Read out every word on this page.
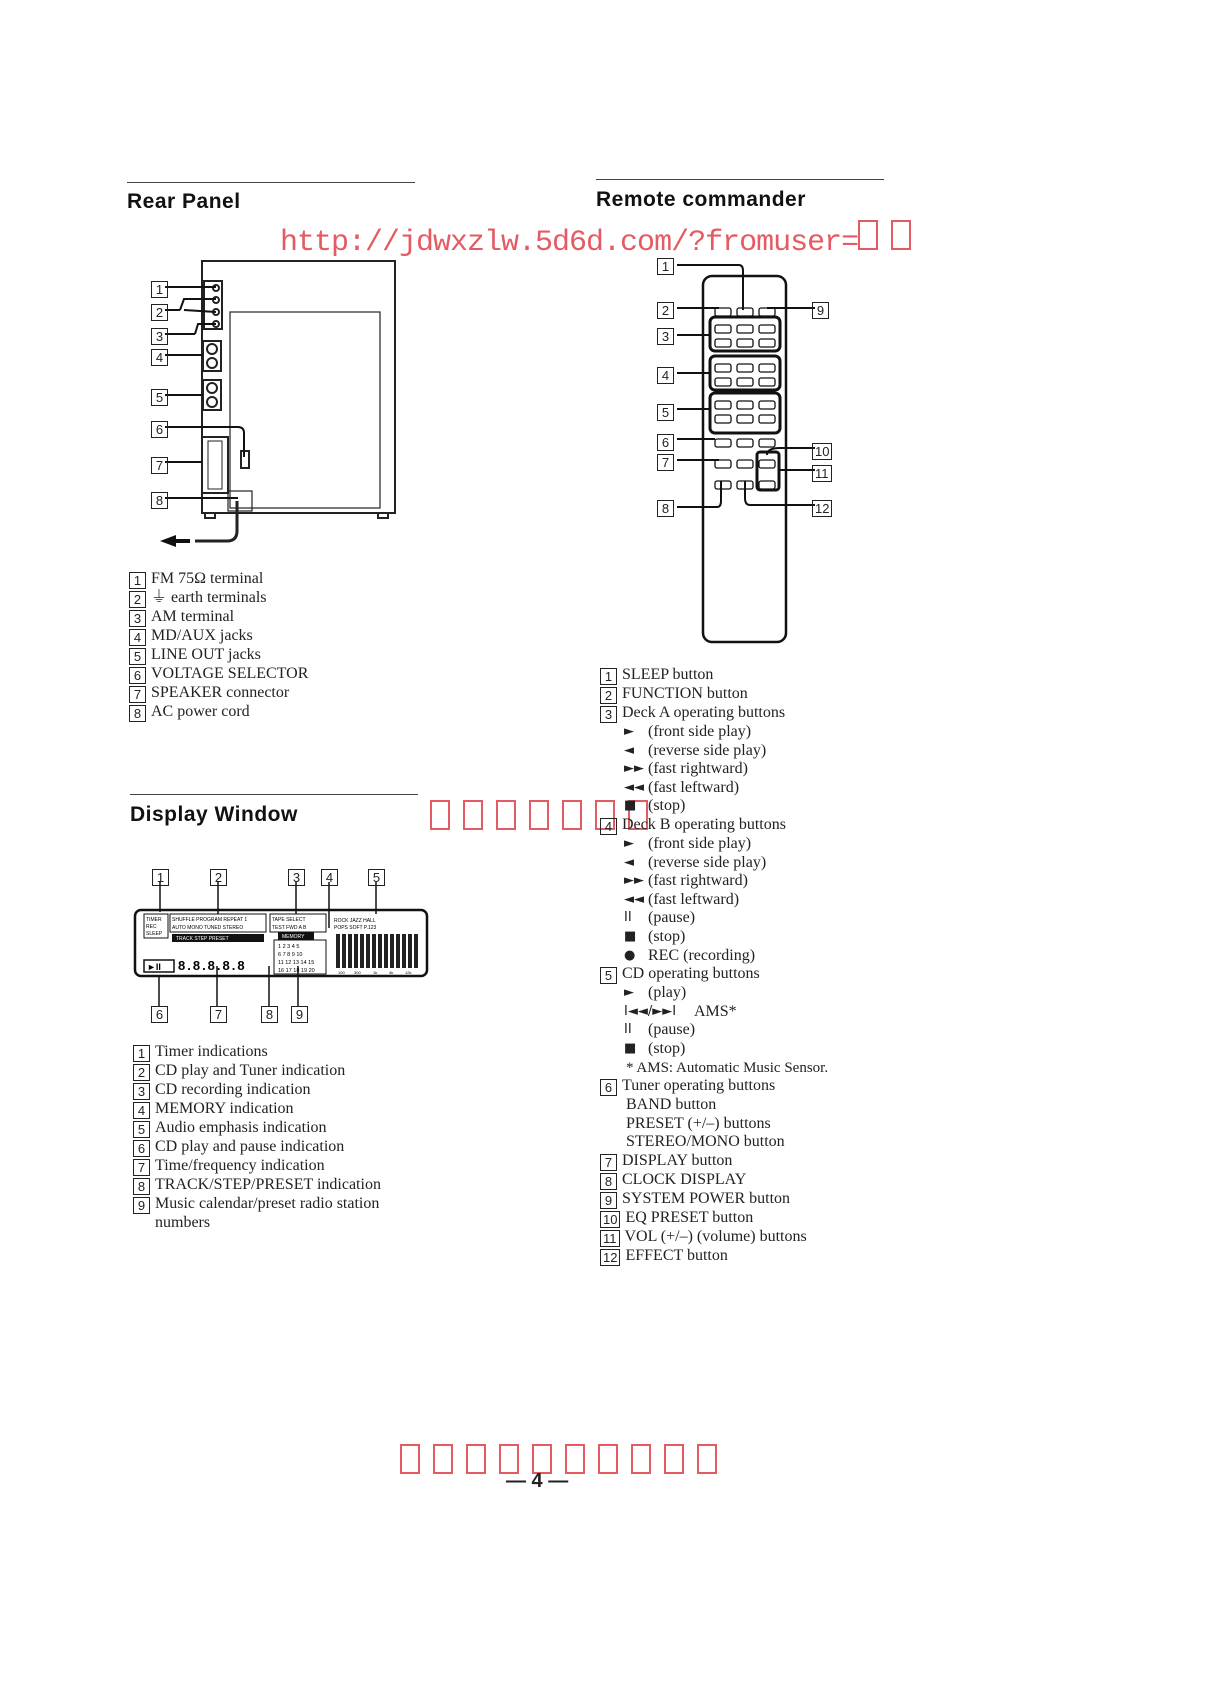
Rear Panel	Remote commander
Display Window
http://jdwxzlw.5d6d.com/?fromuser=
1
2
3
4
5
6
7
8
1 FM 75Ω terminal
2 ⏚ earth terminals
3 AM terminal
4 MD/AUX jacks
5 LINE OUT jacks
6 VOLTAGE SELECTOR
7 SPEAKER connector
8 AC power cord
TIMER
REC
SLEEP
SHUFFLE PROGRAM REPEAT 1
AUTO MONO TUNED STEREO
TAPE SELECT
TEST FWD A B
MEMORY
ROCK JAZZ HALL
POPS SOFT P.123
TRACK STEP PRESET
►II 8.8.8.8.8
1 2 3 4 5
6 7 8 9 10
11 12 13 14 15
16 17 18 19 20	100 300	1k	4k	12k
1	2	3	4	5
6	7	8	9
1 Timer indications
2 CD play and Tuner indication
3 CD recording indication
4 MEMORY indication
5 Audio emphasis indication
6 CD play and pause indication
7 Time/frequency indication
8 TRACK/STEP/PRESET indication
9 Music calendar/preset radio station
numbers
1
2
3
4
5
6
7
8
9
10
11
12
1 SLEEP button
2 FUNCTION button
3 Deck A operating buttons
► (front side play)
◄ (reverse side play)
►► (fast rightward)
◄◄ (fast leftward)
■ (stop)
4 Deck B operating buttons
► (front side play)
◄ (reverse side play)
►► (fast rightward)
◄◄ (fast leftward)
II	(pause)
■ (stop)
● REC (recording)
5 CD operating buttons
► (play)
I◄◄/►►I	AMS*
II	(pause)
■ (stop)
* AMS: Automatic Music Sensor.
6 Tuner operating buttons
BAND button
PRESET (+/–) buttons
STEREO/MONO button
7 DISPLAY button
8 CLOCK DISPLAY
9 SYSTEM POWER button
10 EQ PRESET button
11 VOL (+/–) (volume) buttons
12 EFFECT button
— 4 —
